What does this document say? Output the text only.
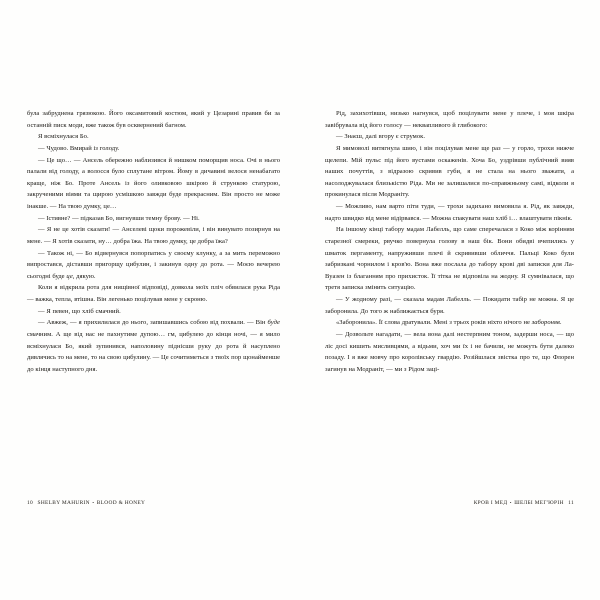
була забруднена грязюкою. Його оксамитовий костюм, який у Цезарині правив би за останній писк моди, вже також був осквернений багном.

Я всміхнулася Бо.

— Чудово. Вмирай із голоду.

— Це що… — Ансель обережно наблизився й нишком поморщив носа. Очі в нього палали від голоду, а волосся було сплутане вітром. Йому в дичавині велося ненабагато краще, ніж Бо. Проте Ансель із його оливковою шкірою й стрункою статурою, закрученими віями та щирою усмішкою завжди буде прекрасним. Він просто не може інакше. — На твою думку, це…

— Істивне? — підказав Бо, вигнувши темну брову. — Ні.

— Я не це хотів сказати! — Анселеві щоки порожевіли, і він винувато позирнув на мене. — Я хотів сказати, ну… добра їжа. На твою думку, це добра їжа?

— Також ні, — Бо відвернувся попорпатись у своєму клунку, а за мить переможно випростався, діставши пригорщу цибулин, і закинув одну до рота. — Моєю вечерею сьогодні буде це, дякую.

Коли я відкрила рота для нищівної відповіді, довкола моїх пліч обвилася рука Ріда — важка, тепла, втішна. Він легенько поцілував мене у скроню.

— Я певен, що хліб смачний.

— Авжеж, — я прихилилася до нього, запишавшись собою від похвали. — Він буде смачним. А ще від нас не пахнутиме дупою… гм, цибулею до кінця ночі, — я мило всміхнулася Бо, який зупинився, наполовину піднісши руку до рота й насуплено дивлячись то на мене, то на свою цибулину. — Це сочитиметься з твоїх пор щонайменше до кінця наступного дня.

10 SHELBY MAHURIN • BLOOD & HONEY

Рід, захихотівши, низько нагнувся, щоб поцілувати мене у плече, і моя шкіра завібрувала від його голосу — неквапливого й глибокого:

— Знаєш, далі вгору є струмок.

Я мимоволі витягнула шию, і він поцілував мене ще раз — у горло, трохи нижче щелепи. Мій пульс під його вустами оскаженів. Хоча Бо, уздрівши публічний вияв наших почуттів, з відразою скривив губи, я не стала на нього зважати, а насолоджувалася близькістю Ріда. Ми не залишалися по-справжньому самі, відколи я прокинулася після Модраніту.

— Можливо, нам варто піти туди, — трохи задихано вимовила я. Рід, як завжди, надто швидко від мене відірвався. — Можна спакувати наш хліб і… влаштувати пікнік.

На іншому кінці табору мадам Лабелль, що саме сперечалася з Коко між корінням старезної смереки, рвучко повернула голову в наш бік. Вони обидві вчепились у шматок пергаменту, напруживши плечі й скрививши обличчя. Пальці Коко були забризкані чорнилом і кров'ю. Вона вже послала до табору крові дві записки для Ла-Вуазен із благанням про прихисток. Її тітка не відповіла на жодну. Я сумнівалася, що третя записка змінить ситуацію.

— У жодному разі, — сказала мадам Лабелль. — Покидати табір не можна. Я це заборонила. До того ж наближається буря.

«Заборонила». Її слова дратували. Мені з трьох років ніхто нічого не забороняв.

— Дозвольте нагадати, — вела вона далі нестерпним тоном, задерши носа, — що ліс досі кишить мисливцями, а відьми, хоч ми їх і не бачили, не можуть бути далеко позаду. І я вже мовчу про королівську гвардію. Розійшлася звістка про те, що Флорен загинув на Модраніт, — ми з Рідом заці-

КРОВ І МЕД • ШЕЛБІ МЕГ'ЮРІН 11
